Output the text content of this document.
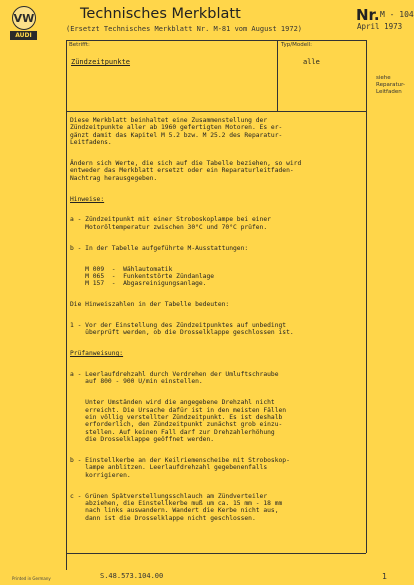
VW
AUDI
Technisches Merkblatt
(Ersetzt Technisches Merkblatt Nr. M-81 vom August 1972)
Nr. M - 104
April 1973
Betrifft:
Zündzeitpunkte
Typ/Modell:
alle
siehe
Reparatur-
Leitfaden
Diese Merkblatt beinhaltet eine Zusammenstellung der
Zündzeitpunkte aller ab 1960 gefertigten Motoren. Es er-
gänzt damit das Kapitel M 5.2 bzw. M 25.2 des Reparatur-
Leitfadens.

Ändern sich Werte, die sich auf die Tabelle beziehen, so wird
entweder das Merkblatt ersetzt oder ein Reparaturleitfaden-
Nachtrag herausgegeben.

Hinweise:

a - Zündzeitpunkt mit einer Stroboskoplampe bei einer
Motoröltemperatur zwischen 30°C und 70°C prüfen.

b - In der Tabelle aufgeführte M-Ausstattungen:

M 009  -  Wählautomatik
M 065  -  Funkentstörte Zündanlage
M 157  -  Abgasreinigungsanlage.

Die Hinweiszahlen in der Tabelle bedeuten:

1 - Vor der Einstellung des Zündzeitpunktes auf unbedingt
überprüft werden, ob die Drosselklappe geschlossen ist.

Prüfanweisung:

a - Leerlaufdrehzahl durch Verdrehen der Umluftschraube
auf 800 - 900 U/min einstellen.

Unter Umständen wird die angegebene Drehzahl nicht
erreicht. Die Ursache dafür ist in den meisten Fällen
ein völlig verstellter Zündzeitpunkt. Es ist deshalb
erforderlich, den Zündzeitpunkt zunächst grob einzu-
stellen. Auf keinen Fall darf zur Drehzahlerhöhung
die Drosselklappe geöffnet werden.

b - Einstellkerbe an der Keilriemenscheibe mit Stroboskop-
lampe anblitzen. Leerlaufdrehzahl gegebenenfalls
korrigieren.

c - Grünen Spätverstellungsschlauch am Zündverteiler
abziehen, die Einstellkerbe muß um ca. 15 mm - 18 mm
nach links auswandern. Wandert die Kerbe nicht aus,
dann ist die Drosselklappe nicht geschlossen.
Printed in Germany	S.48.573.104.00	1
